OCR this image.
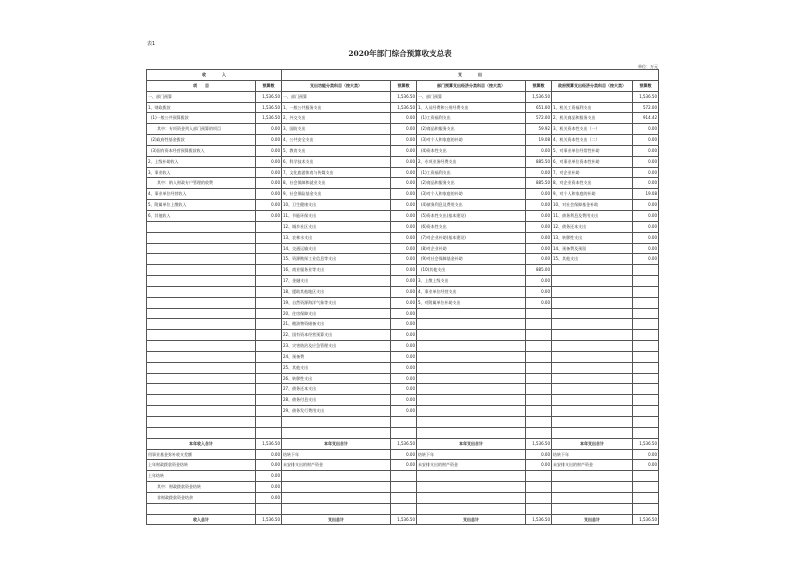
表1
2020年部门综合预算收支总表
单位：万元
收　　　　入		支　　　　出					
项　　目	预算数	支出功能分类科目（按大类）	预算数	部门预算支出经济分类科目（按大类）	预算数	政府预算支出经济分类科目（按大类）	预算数
一、部门预算	1,536.50	一、部门预算	1,536.50	一、部门预算	1,536.50		1,536.50
1、财政拨款	1,536.50	1、一般公共服务支出	1,536.50	1、人员经费和公用经费支出	651.00	1、机关工资福利支出	572.00
(1)一般公共预算拨款	1,536.50	2、外交支出	0.00	(1)工资福利支出	572.00	2、机关商品和服务支出	914.42
其中：专项资金列入部门预算的项目	0.00	3、国防支出	0.00	(2)商品和服务支出	59.92	3、机关资本性支出（一）	0.00
(2)政府性基金拨款	0.00	4、公共安全支出	0.00	(3)对个人和家庭的补助	19.08	4、机关资本性支出（二）	0.00
(3)国有资本经营预算拨款收入	0.00	5、教育支出	0.00	(4)资本性支出	0.00	5、对事业单位经常性补助	0.00
2、上级补助收入	0.00	6、科学技术支出	0.00	2、专项业务经费支出	885.50	6、对事业单位资本性补助	0.00
3、事业收入	0.00	7、文化旅游体育与传媒支出	0.00	(1)工资福利支出	0.00	7、对企业补助	0.00
其中：纳入财政专户管理的收费	0.00	8、社会保障和就业支出	0.00	(2)商品和服务支出	885.50	8、对企业资本性支出	0.00
4、事业单位经营收入	0.00	9、社会保险基金支出	0.00	(3)对个人和家庭的补助	0.00	9、对个人和家庭的补助	19.08
5、附属单位上缴收入	0.00	10、卫生健康支出	0.00	(4)债务利息及费用支出	0.00	10、对社会保障基金补助	0.00
6、其他收入	0.00	11、节能环保支出	0.00	(5)资本性支出(基本建设)	0.00	11、债务利息及费用支出	0.00
		12、城乡社区支出	0.00	(6)资本性支出	0.00	12、债务还本支出	0.00
		13、农林水支出	0.00	(7)对企业补助(基本建设)	0.00	13、转移性支出	0.00
		14、交通运输支出	0.00	(8)对企业补助	0.00	14、预备费及预留	0.00
		15、资源勘探工业信息等支出	0.00	(9)对社会保障基金补助	0.00	15、其他支出	0.00
		16、商业服务业等支出	0.00	(10)其他支出	885.00		
		17、金融支出	0.00	3、上缴上级支出	0.00		
		18、援助其他地区支出	0.00	4、事业单位经营支出	0.00		
		19、自然资源海洋气象等支出	0.00	5、对附属单位补助支出	0.00		
		20、住房保障支出	0.00				
		21、粮油物资储备支出	0.00				
		22、国有资本经营预算支出	0.00				
		23、灾害防治及应急管理支出	0.00				
		24、预备费	0.00				
		25、其他支出	0.00				
		26、转移性支出	0.00				
		27、债务还本支出	0.00				
		28、债务付息支出	0.00				
		29、债务发行费用支出	0.00				

本年收入合计	1,536.50	本年支出合计	1,536.50	本年支出合计	1,536.50	本年支出合计	1,536.50
用事业基金弥补收支差额	0.00	结转下年	0.00	结转下年	0.00	结转下年	0.00
上年财政拨款资金结转	0.00	未安排支出的财产资金	0.00	未安排支出的财产资金	0.00	未安排支出的财产资金	0.00
上年结转	0.00						
其中：财政拨款资金结转	0.00						
非财政拨款资金结余	0.00						

收入总计	1,536.50	支出总计	1,536.50	支出总计	1,536.50	支出总计	1,536.50
